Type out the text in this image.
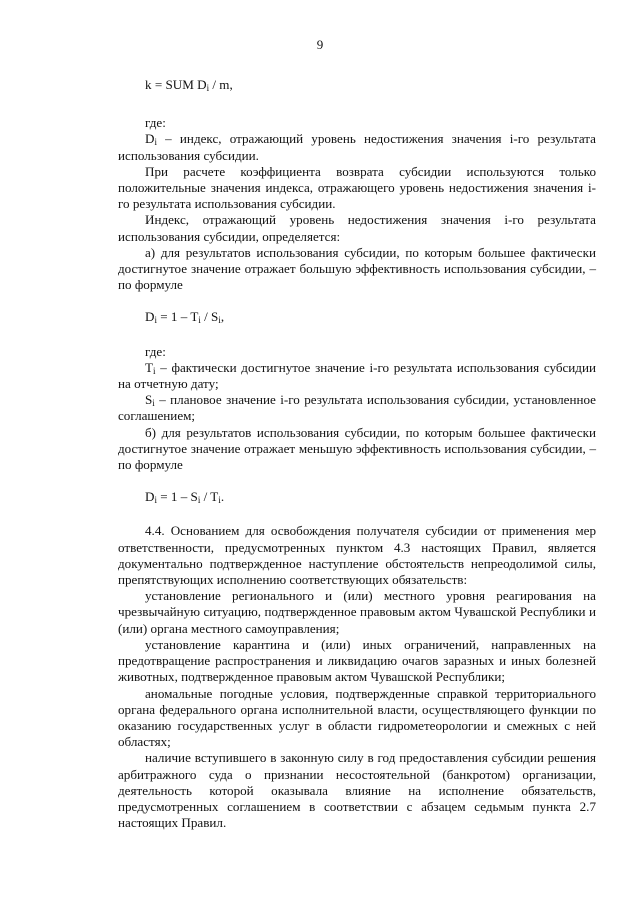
9

k = SUM $D_i$ / m,

где:

$D_i$ – индекс, отражающий уровень недостижения значения i-го результата использования субсидии.

При расчете коэффициента возврата субсидии используются только положительные значения индекса, отражающего уровень недостижения значения i-го результата использования субсидии.

Индекс, отражающий уровень недостижения значения i-го результата использования субсидии, определяется:

а) для результатов использования субсидии, по которым большее фактически достигнутое значение отражает большую эффективность использования субсидии, – по формуле

$D_i = 1 - T_i / S_i$,

где:

$T_i$ – фактически достигнутое значение i-го результата использования субсидии на отчетную дату;

$S_i$ – плановое значение i-го результата использования субсидии, установленное соглашением;

б) для результатов использования субсидии, по которым большее фактически достигнутое значение отражает меньшую эффективность использования субсидии, – по формуле

$D_i = 1 - S_i / T_i$.

4.4. Основанием для освобождения получателя субсидии от применения мер ответственности, предусмотренных пунктом 4.3 настоящих Правил, является документально подтвержденное наступление обстоятельств непреодолимой силы, препятствующих исполнению соответствующих обязательств:

установление регионального и (или) местного уровня реагирования на чрезвычайную ситуацию, подтвержденное правовым актом Чувашской Республики и (или) органа местного самоуправления;

установление карантина и (или) иных ограничений, направленных на предотвращение распространения и ликвидацию очагов заразных и иных болезней животных, подтвержденное правовым актом Чувашской Республики;

аномальные погодные условия, подтвержденные справкой территориального органа федерального органа исполнительной власти, осуществляющего функции по оказанию государственных услуг в области гидрометеорологии и смежных с ней областях;

наличие вступившего в законную силу в год предоставления субсидии решения арбитражного суда о признании несостоятельной (банкротом) организации, деятельность которой оказывала влияние на исполнение обязательств, предусмотренных соглашением в соответствии с абзацем седьмым пункта 2.7 настоящих Правил.
